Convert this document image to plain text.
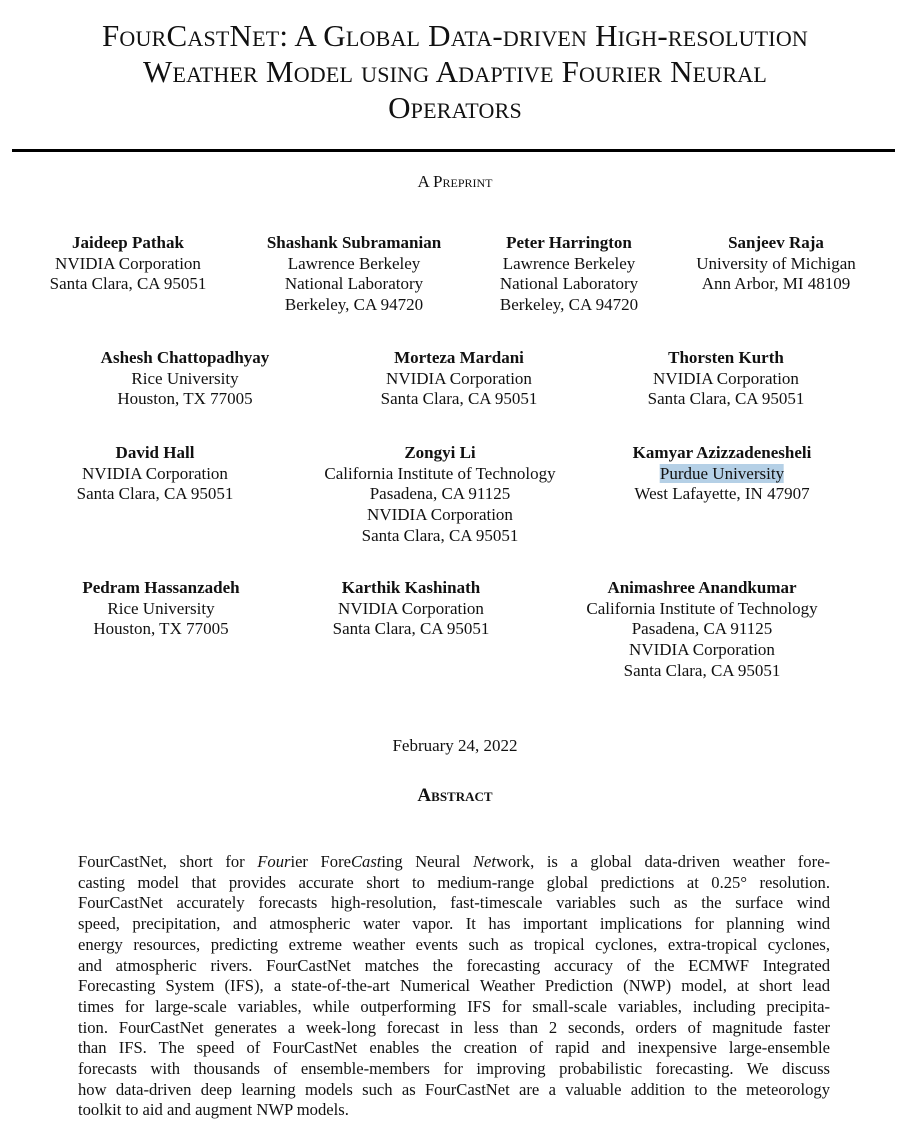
FourCastNet: A Global Data-driven High-resolution
Weather Model using Adaptive Fourier Neural
Operators
A Preprint
Jaideep Pathak
NVIDIA Corporation
Santa Clara, CA 95051
Shashank Subramanian
Lawrence Berkeley
National Laboratory
Berkeley, CA 94720
Peter Harrington
Lawrence Berkeley
National Laboratory
Berkeley, CA 94720
Sanjeev Raja
University of Michigan
Ann Arbor, MI 48109
Ashesh Chattopadhyay
Rice University
Houston, TX 77005
Morteza Mardani
NVIDIA Corporation
Santa Clara, CA 95051
Thorsten Kurth
NVIDIA Corporation
Santa Clara, CA 95051
David Hall
NVIDIA Corporation
Santa Clara, CA 95051
Zongyi Li
California Institute of Technology
Pasadena, CA 91125
NVIDIA Corporation
Santa Clara, CA 95051
Kamyar Azizzadenesheli
Purdue University
West Lafayette, IN 47907
Pedram Hassanzadeh
Rice University
Houston, TX 77005
Karthik Kashinath
NVIDIA Corporation
Santa Clara, CA 95051
Animashree Anandkumar
California Institute of Technology
Pasadena, CA 91125
NVIDIA Corporation
Santa Clara, CA 95051
February 24, 2022
Abstract
FourCastNet, short for Fourier ForeCasting Neural Network, is a global data-driven weather fore-
casting model that provides accurate short to medium-range global predictions at 0.25° resolution.
FourCastNet accurately forecasts high-resolution, fast-timescale variables such as the surface wind
speed, precipitation, and atmospheric water vapor. It has important implications for planning wind
energy resources, predicting extreme weather events such as tropical cyclones, extra-tropical cyclones,
and atmospheric rivers. FourCastNet matches the forecasting accuracy of the ECMWF Integrated
Forecasting System (IFS), a state-of-the-art Numerical Weather Prediction (NWP) model, at short lead
times for large-scale variables, while outperforming IFS for small-scale variables, including precipita-
tion. FourCastNet generates a week-long forecast in less than 2 seconds, orders of magnitude faster
than IFS. The speed of FourCastNet enables the creation of rapid and inexpensive large-ensemble
forecasts with thousands of ensemble-members for improving probabilistic forecasting. We discuss
how data-driven deep learning models such as FourCastNet are a valuable addition to the meteorology
toolkit to aid and augment NWP models.
